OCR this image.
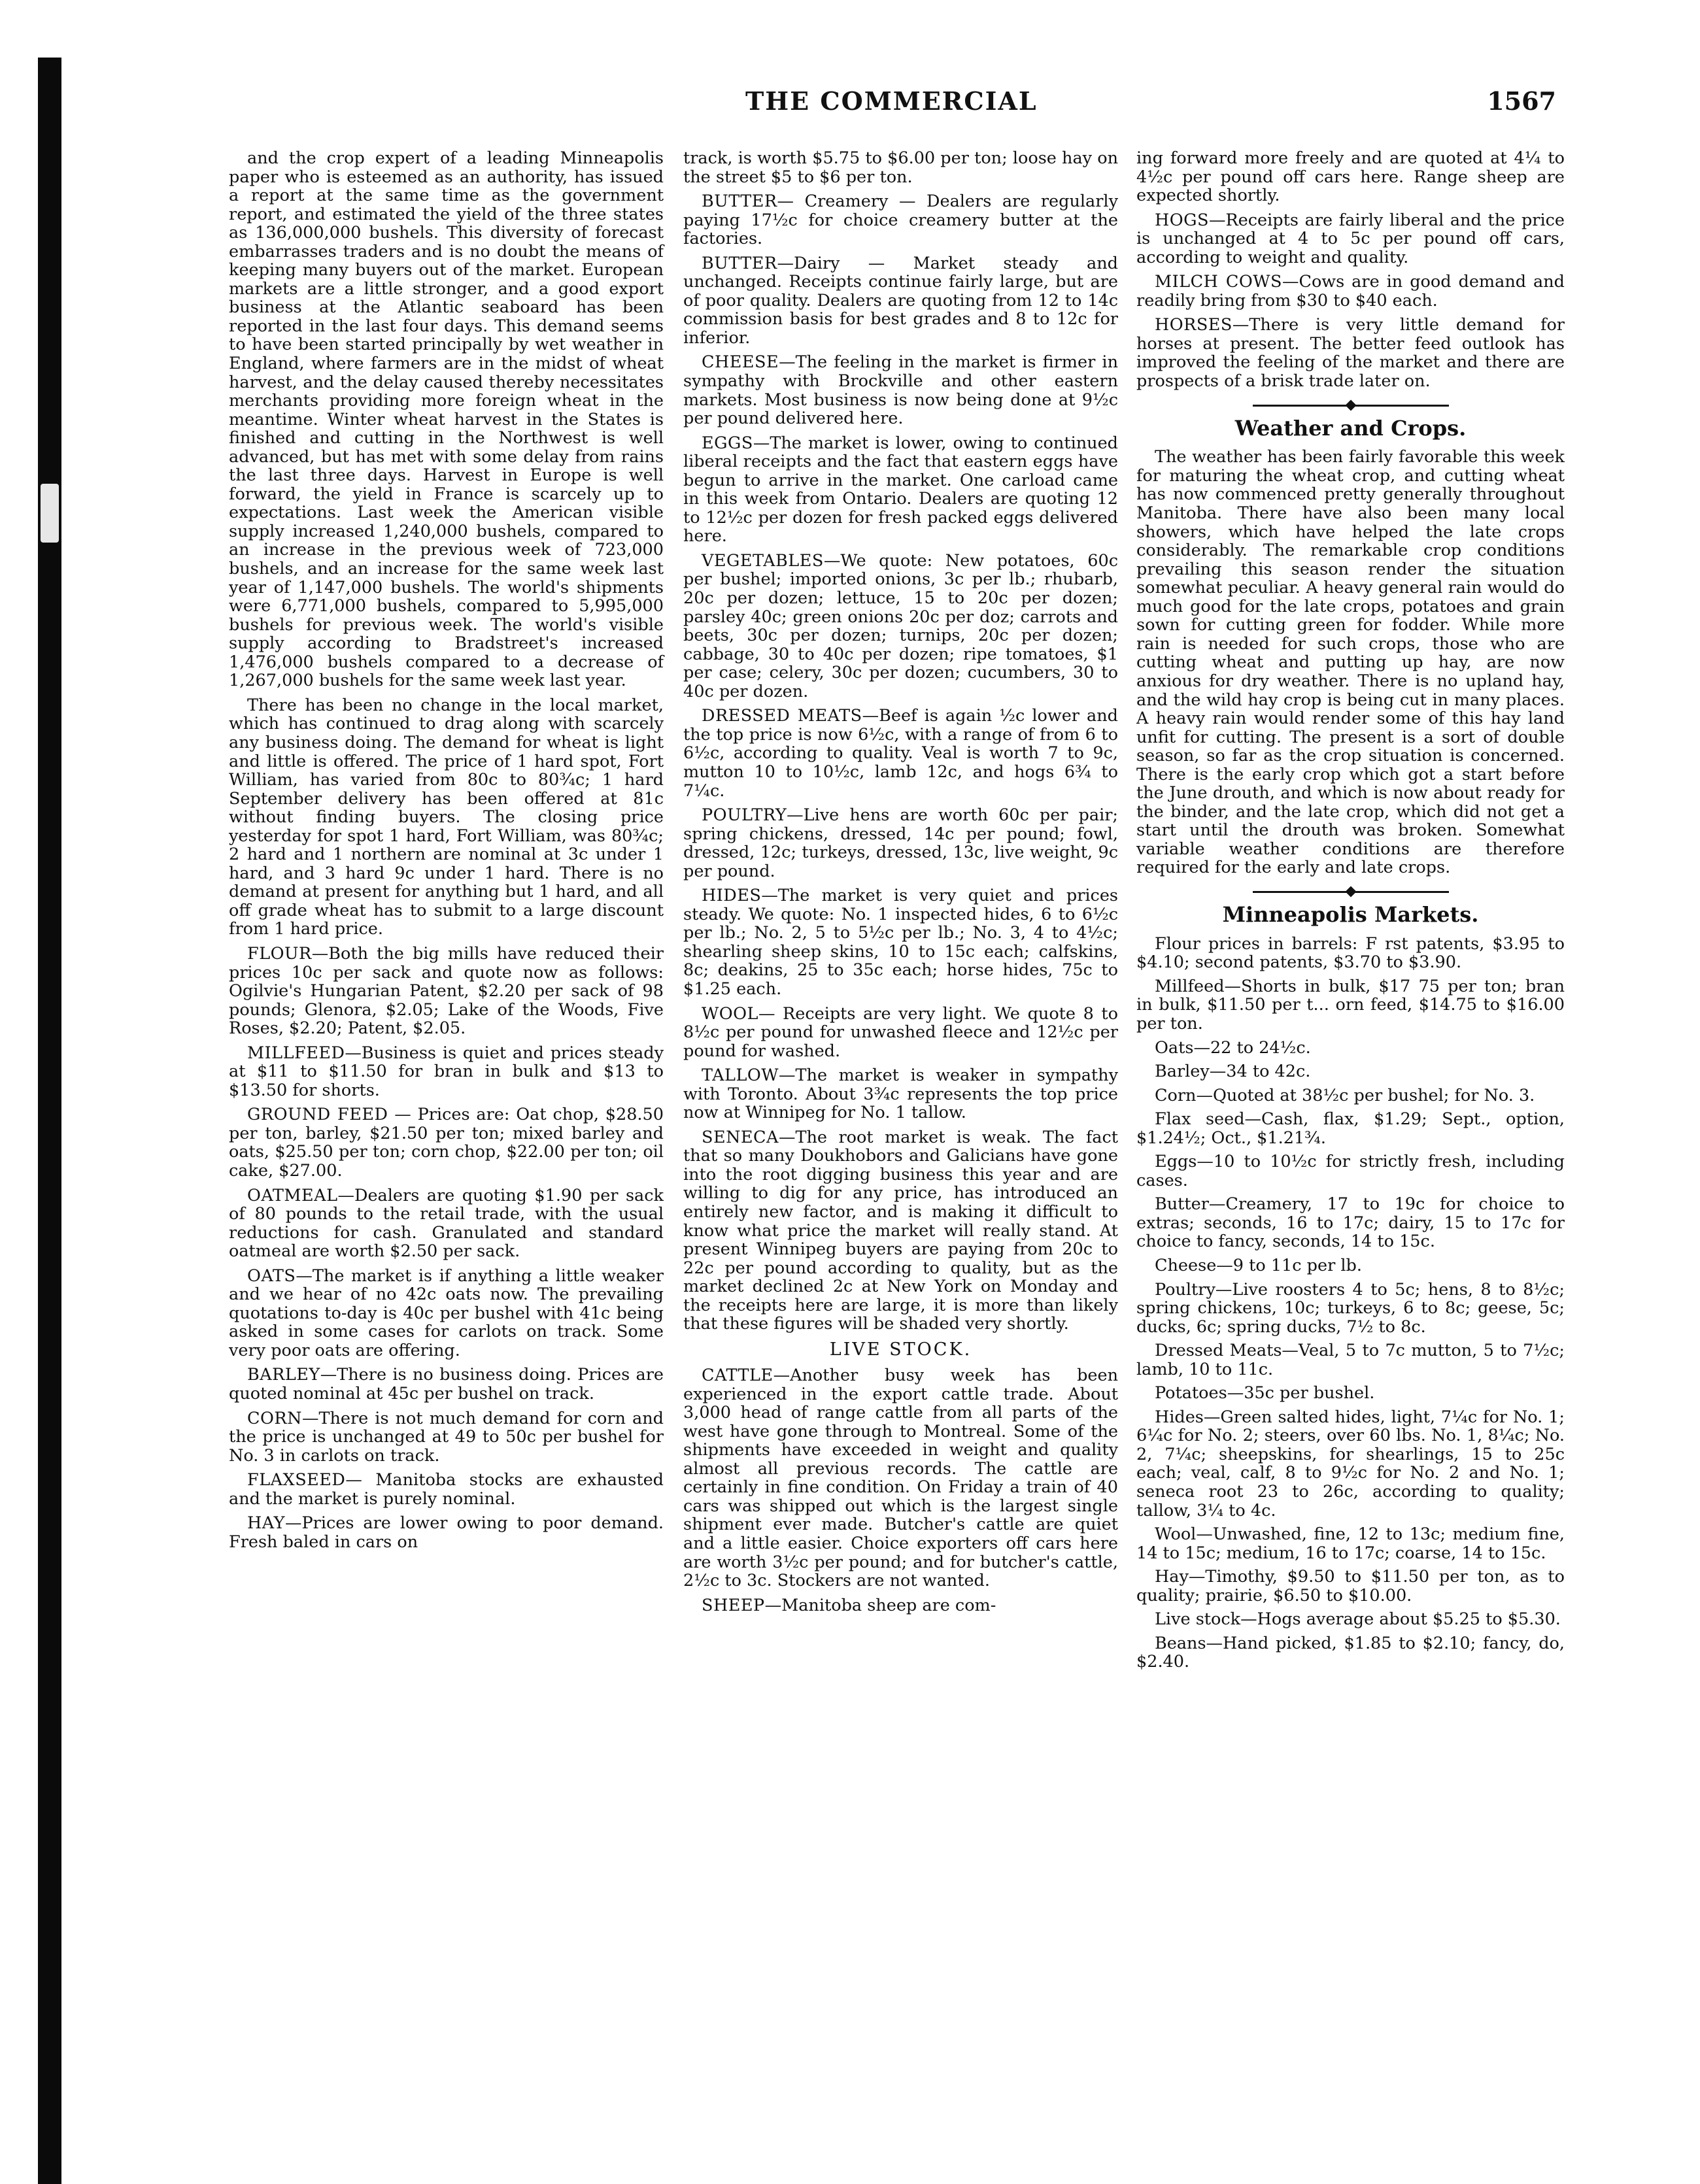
THE COMMERCIAL	1567

and the crop expert of a leading Minneapolis paper who is esteemed as an authority, has issued a report at the same time as the government report, and estimated the yield of the three states as 136,000,000 bushels. This diversity of forecast embarrasses traders and is no doubt the means of keeping many buyers out of the market. European markets are a little stronger, and a good export business at the Atlantic seaboard has been reported in the last four days. This demand seems to have been started principally by wet weather in England, where farmers are in the midst of wheat harvest, and the delay caused thereby necessitates merchants providing more foreign wheat in the meantime. Winter wheat harvest in the States is finished and cutting in the Northwest is well advanced, but has met with some delay from rains the last three days. Harvest in Europe is well forward, the yield in France is scarcely up to expectations. Last week the American visible supply increased 1,240,000 bushels, compared to an increase in the previous week of 723,000 bushels, and an increase for the same week last year of 1,147,000 bushels. The world's shipments were 6,771,000 bushels, compared to 5,995,000 bushels for previous week. The world's visible supply according to Bradstreet's increased 1,476,000 bushels compared to a decrease of 1,267,000 bushels for the same week last year.

There has been no change in the local market, which has continued to drag along with scarcely any business doing. The demand for wheat is light and little is offered. The price of 1 hard spot, Fort William, has varied from 80c to 80¾c; 1 hard September delivery has been offered at 81c without finding buyers. The closing price yesterday for spot 1 hard, Fort William, was 80¾c; 2 hard and 1 northern are nominal at 3c under 1 hard, and 3 hard 9c under 1 hard. There is no demand at present for anything but 1 hard, and all off grade wheat has to submit to a large discount from 1 hard price.

FLOUR—Both the big mills have reduced their prices 10c per sack and quote now as follows: Ogilvie's Hungarian Patent, $2.20 per sack of 98 pounds; Glenora, $2.05; Lake of the Woods, Five Roses, $2.20; Patent, $2.05.

MILLFEED—Business is quiet and prices steady at $11 to $11.50 for bran in bulk and $13 to $13.50 for shorts.

GROUND FEED — Prices are: Oat chop, $28.50 per ton, barley, $21.50 per ton; mixed barley and oats, $25.50 per ton; corn chop, $22.00 per ton; oil cake, $27.00.

OATMEAL—Dealers are quoting $1.90 per sack of 80 pounds to the retail trade, with the usual reductions for cash. Granulated and standard oatmeal are worth $2.50 per sack.

OATS—The market is if anything a little weaker and we hear of no 42c oats now. The prevailing quotations to-day is 40c per bushel with 41c being asked in some cases for carlots on track. Some very poor oats are offering.

BARLEY—There is no business doing. Prices are quoted nominal at 45c per bushel on track.

CORN—There is not much demand for corn and the price is unchanged at 49 to 50c per bushel for No. 3 in carlots on track.

FLAXSEED— Manitoba stocks are exhausted and the market is purely nominal.

HAY—Prices are lower owing to poor demand. Fresh baled in cars on

track, is worth $5.75 to $6.00 per ton; loose hay on the street $5 to $6 per ton.

BUTTER— Creamery — Dealers are regularly paying 17½c for choice creamery butter at the factories.

BUTTER—Dairy — Market steady and unchanged. Receipts continue fairly large, but are of poor quality. Dealers are quoting from 12 to 14c commission basis for best grades and 8 to 12c for inferior.

CHEESE—The feeling in the market is firmer in sympathy with Brockville and other eastern markets. Most business is now being done at 9½c per pound delivered here.

EGGS—The market is lower, owing to continued liberal receipts and the fact that eastern eggs have begun to arrive in the market. One carload came in this week from Ontario. Dealers are quoting 12 to 12½c per dozen for fresh packed eggs delivered here.

VEGETABLES—We quote: New potatoes, 60c per bushel; imported onions, 3c per lb.; rhubarb, 20c per dozen; lettuce, 15 to 20c per dozen; parsley 40c; green onions 20c per doz; carrots and beets, 30c per dozen; turnips, 20c per dozen; cabbage, 30 to 40c per dozen; ripe tomatoes, $1 per case; celery, 30c per dozen; cucumbers, 30 to 40c per dozen.

DRESSED MEATS—Beef is again ½c lower and the top price is now 6½c, with a range of from 6 to 6½c, according to quality. Veal is worth 7 to 9c, mutton 10 to 10½c, lamb 12c, and hogs 6¾ to 7¼c.

POULTRY—Live hens are worth 60c per pair; spring chickens, dressed, 14c per pound; fowl, dressed, 12c; turkeys, dressed, 13c, live weight, 9c per pound.

HIDES—The market is very quiet and prices steady. We quote: No. 1 inspected hides, 6 to 6½c per lb.; No. 2, 5 to 5½c per lb.; No. 3, 4 to 4½c; shearling sheep skins, 10 to 15c each; calfskins, 8c; deakins, 25 to 35c each; horse hides, 75c to $1.25 each.

WOOL— Receipts are very light. We quote 8 to 8½c per pound for unwashed fleece and 12½c per pound for washed.

TALLOW—The market is weaker in sympathy with Toronto. About 3¾c represents the top price now at Winnipeg for No. 1 tallow.

SENECA—The root market is weak. The fact that so many Doukhobors and Galicians have gone into the root digging business this year and are willing to dig for any price, has introduced an entirely new factor, and is making it difficult to know what price the market will really stand. At present Winnipeg buyers are paying from 20c to 22c per pound according to quality, but as the market declined 2c at New York on Monday and the receipts here are large, it is more than likely that these figures will be shaded very shortly.

LIVE STOCK.

CATTLE—Another busy week has been experienced in the export cattle trade. About 3,000 head of range cattle from all parts of the west have gone through to Montreal. Some of the shipments have exceeded in weight and quality almost all previous records. The cattle are certainly in fine condition. On Friday a train of 40 cars was shipped out which is the largest single shipment ever made. Butcher's cattle are quiet and a little easier. Choice exporters off cars here are worth 3½c per pound; and for butcher's cattle, 2½c to 3c. Stockers are not wanted.

SHEEP—Manitoba sheep are com-

ing forward more freely and are quoted at 4¼ to 4½c per pound off cars here. Range sheep are expected shortly.

HOGS—Receipts are fairly liberal and the price is unchanged at 4 to 5c per pound off cars, according to weight and quality.

MILCH COWS—Cows are in good demand and readily bring from $30 to $40 each.

HORSES—There is very little demand for horses at present. The better feed outlook has improved the feeling of the market and there are prospects of a brisk trade later on.

Weather and Crops.

The weather has been fairly favorable this week for maturing the wheat crop, and cutting wheat has now commenced pretty generally throughout Manitoba. There have also been many local showers, which have helped the late crops considerably. The remarkable crop conditions prevailing this season render the situation somewhat peculiar. A heavy general rain would do much good for the late crops, potatoes and grain sown for cutting green for fodder. While more rain is needed for such crops, those who are cutting wheat and putting up hay, are now anxious for dry weather. There is no upland hay, and the wild hay crop is being cut in many places. A heavy rain would render some of this hay land unfit for cutting. The present is a sort of double season, so far as the crop situation is concerned. There is the early crop which got a start before the June drouth, and which is now about ready for the binder, and the late crop, which did not get a start until the drouth was broken. Somewhat variable weather conditions are therefore required for the early and late crops.

Minneapolis Markets.

Flour prices in barrels: F rst patents, $3.95 to $4.10; second patents, $3.70 to $3.90.

Millfeed—Shorts in bulk, $17 75 per ton; bran in bulk, $11.50 per t... orn feed, $14.75 to $16.00 per ton.

Oats—22 to 24½c.

Barley—34 to 42c.

Corn—Quoted at 38½c per bushel; for No. 3.

Flax seed—Cash, flax, $1.29; Sept., option, $1.24½; Oct., $1.21¾.

Eggs—10 to 10½c for strictly fresh, including cases.

Butter—Creamery, 17 to 19c for choice to extras; seconds, 16 to 17c; dairy, 15 to 17c for choice to fancy, seconds, 14 to 15c.

Cheese—9 to 11c per lb.

Poultry—Live roosters 4 to 5c; hens, 8 to 8½c; spring chickens, 10c; turkeys, 6 to 8c; geese, 5c; ducks, 6c; spring ducks, 7½ to 8c.

Dressed Meats—Veal, 5 to 7c mutton, 5 to 7½c; lamb, 10 to 11c.

Potatoes—35c per bushel.

Hides—Green salted hides, light, 7¼c for No. 1; 6¼c for No. 2; steers, over 60 lbs. No. 1, 8¼c; No. 2, 7¼c; sheepskins, for shearlings, 15 to 25c each; veal, calf, 8 to 9½c for No. 2 and No. 1; seneca root 23 to 26c, according to quality; tallow, 3¼ to 4c.

Wool—Unwashed, fine, 12 to 13c; medium fine, 14 to 15c; medium, 16 to 17c; coarse, 14 to 15c.

Hay—Timothy, $9.50 to $11.50 per ton, as to quality; prairie, $6.50 to $10.00.

Live stock—Hogs average about $5.25 to $5.30.

Beans—Hand picked, $1.85 to $2.10; fancy, do, $2.40.
